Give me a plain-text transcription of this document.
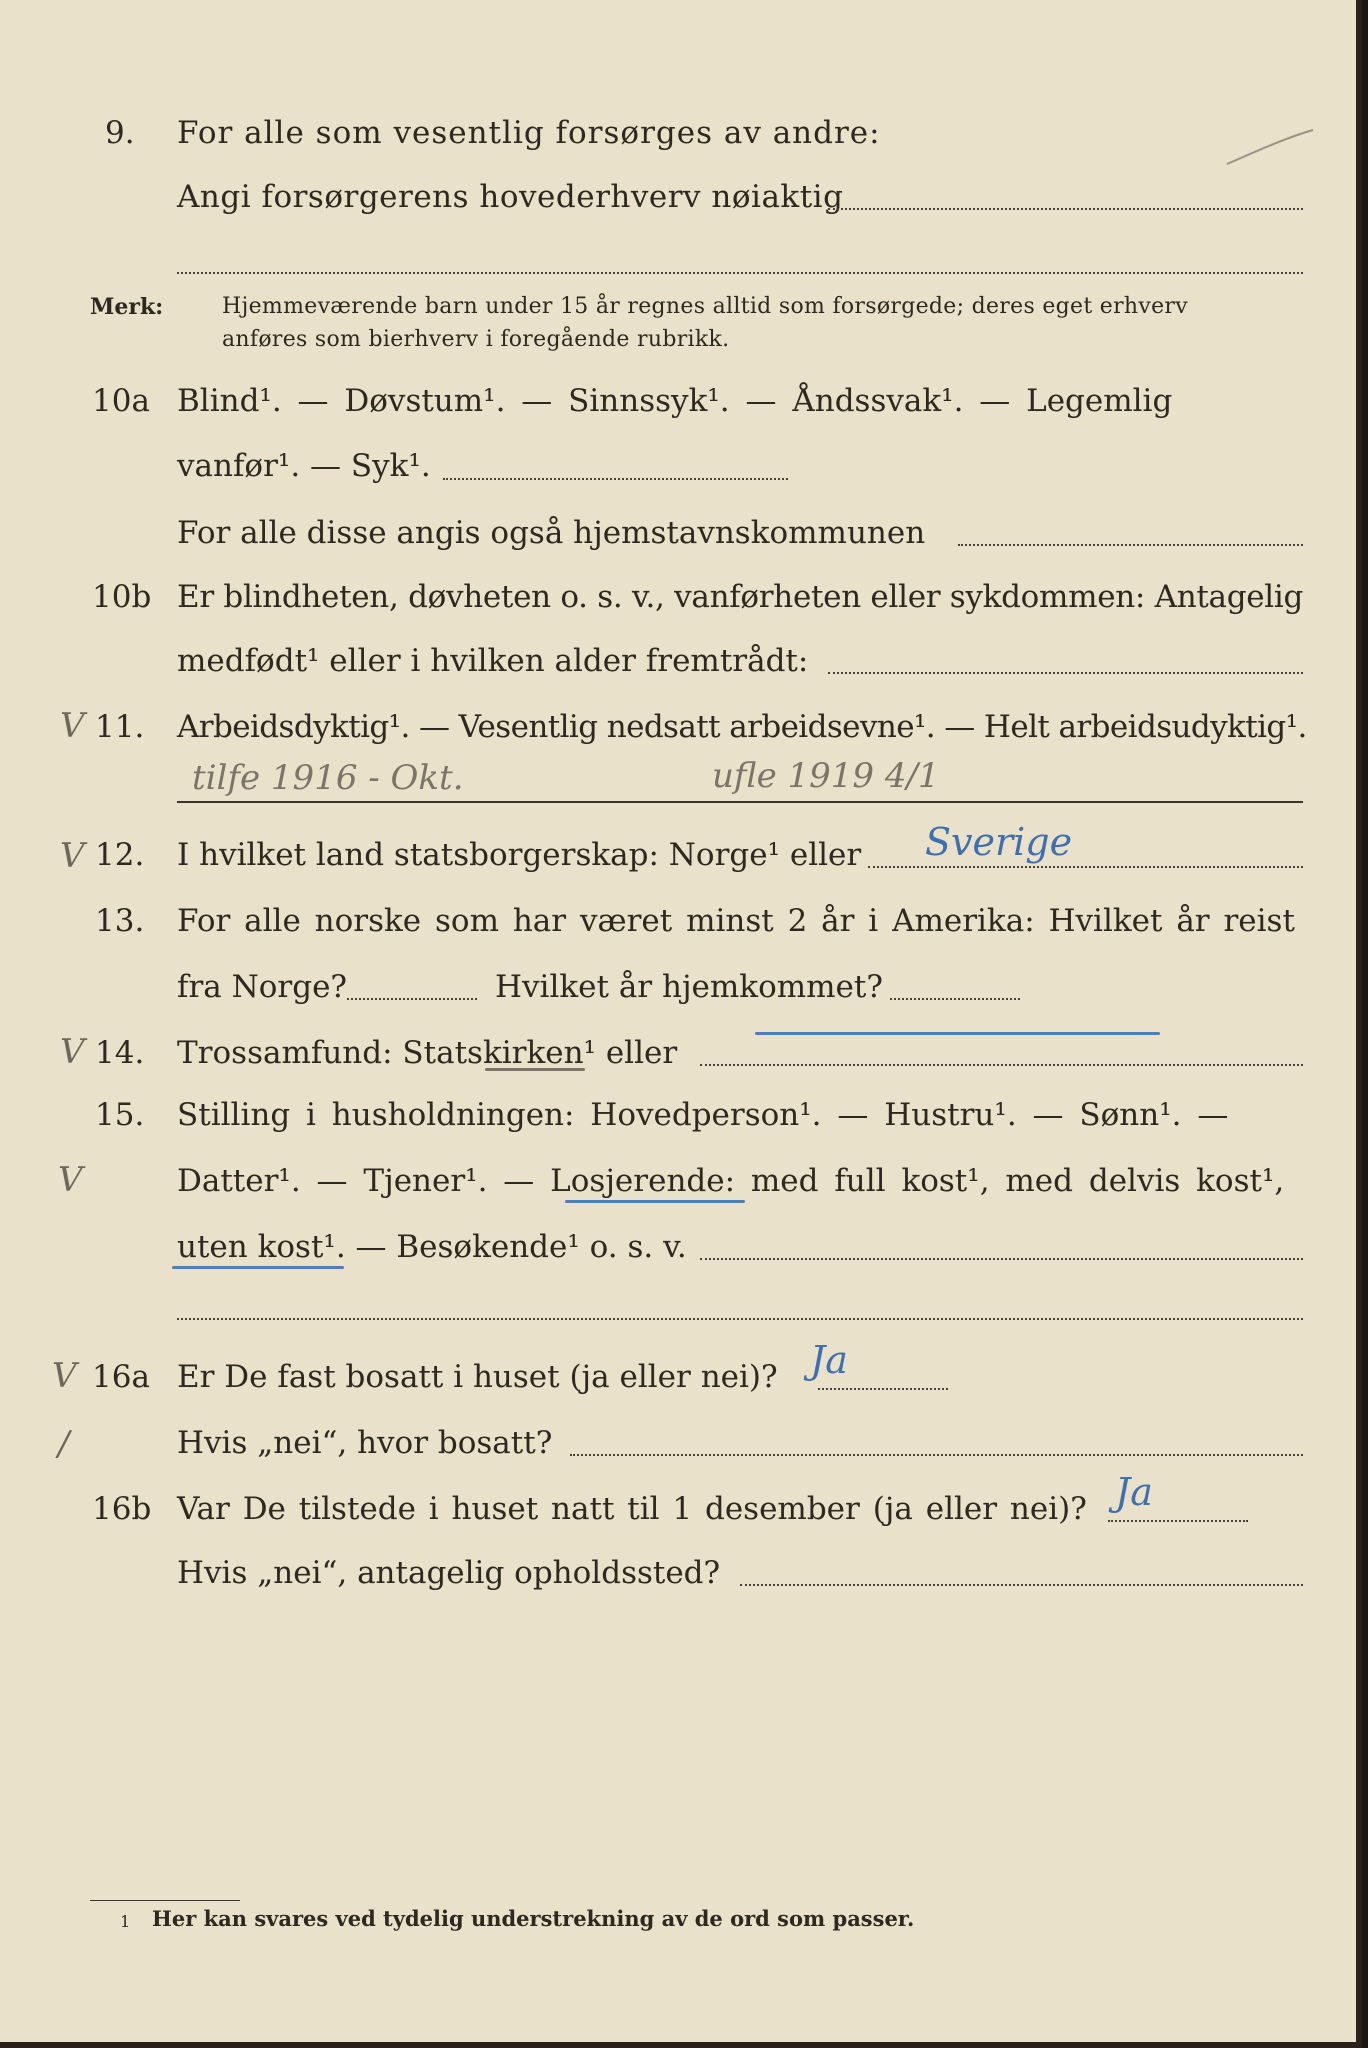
9. For alle som vesentlig forsørges av andre:
Angi forsørgerens hovederhverv nøiaktig
Merk:	Hjemmeværende barn under 15 år regnes alltid som forsørgede; deres eget erhverv
anføres som bierhverv i foregående rubrikk.
10a Blind¹. — Døvstum¹. — Sinnssyk¹. — Åndssvak¹. — Legemlig
vanfør¹. — Syk¹.
For alle disse angis også hjemstavnskommunen
10b Er blindheten, døvheten o. s. v., vanførheten eller sykdommen: Antagelig
medfødt¹ eller i hvilken alder fremtrådt:
V 11. Arbeidsdyktig¹. — Vesentlig nedsatt arbeidsevne¹. — Helt arbeidsudyktig¹.
tilfe 1916 - Okt.	ufle 1919 4/1
V 12. I hvilket land statsborgerskap: Norge¹ eller Sverige
13. For alle norske som har været minst 2 år i Amerika: Hvilket år reist
fra Norge?	Hvilket år hjemkommet?
V 14. Trossamfund: Statskirken¹ eller
15. Stilling i husholdningen: Hovedperson¹. — Hustru¹. — Sønn¹. —
V	Datter¹. — Tjener¹. — Losjerende: med full kost¹, med delvis kost¹,
uten kost¹. — Besøkende¹ o. s. v.
V 16a Er De fast bosatt i huset (ja eller nei)? Ja
/	Hvis „nei“, hvor bosatt?
16b Var De tilstede i huset natt til 1 desember (ja eller nei)? Ja
Hvis „nei“, antagelig opholdssted?
1 Her kan svares ved tydelig understrekning av de ord som passer.
